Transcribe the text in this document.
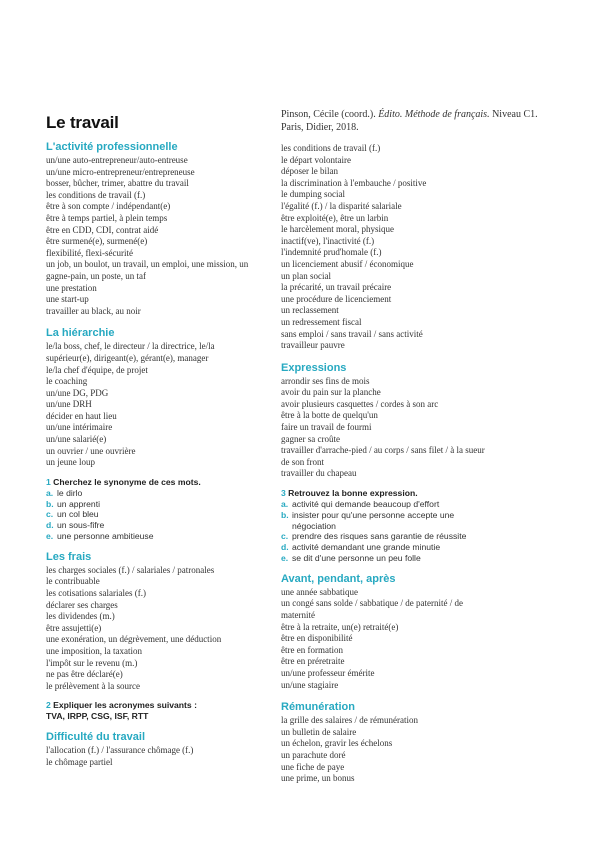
Le travail	Pinson, Cécile (coord.). Édito. Méthode de français. Niveau C1.
Paris, Didier, 2018.
L'activité professionnelle
un/une auto-entrepreneur/auto-entreuse
un/une micro-entrepreneur/entrepreneuse
bosser, bûcher, trimer, abattre du travail
les conditions de travail (f.)
être à son compte / indépendant(e)
être à temps partiel, à plein temps
être en CDD, CDI, contrat aidé
être surmené(e), surmené(e)
flexibilité, flexi-sécurité
un job, un boulot, un travail, un emploi, une mission, un
gagne-pain, un poste, un taf
une prestation
une start-up
travailler au black, au noir
La hiérarchie
le/la boss, chef, le directeur / la directrice, le/la
supérieur(e), dirigeant(e), gérant(e), manager
le/la chef d'équipe, de projet
le coaching
un/une DG, PDG
un/une DRH
décider en haut lieu
un/une intérimaire
un/une salarié(e)
un ouvrier / une ouvrière
un jeune loup
1 Cherchez le synonyme de ces mots.
a. le dirlo
b. un apprenti
c. un col bleu
d. un sous-fifre
e. une personne ambitieuse
Les frais
les charges sociales (f.) / salariales / patronales
le contribuable
les cotisations salariales (f.)
déclarer ses charges
les dividendes (m.)
être assujetti(e)
une exonération, un dégrèvement, une déduction
une imposition, la taxation
l'impôt sur le revenu (m.)
ne pas être déclaré(e)
le prélèvement à la source
2 Expliquer les acronymes suivants :
TVA, IRPP, CSG, ISF, RTT
Difficulté du travail
l'allocation (f.) / l'assurance chômage (f.)
le chômage partiel
les conditions de travail (f.)
le départ volontaire
déposer le bilan
la discrimination à l'embauche / positive
le dumping social
l'égalité (f.) / la disparité salariale
être exploité(e), être un larbin
le harcèlement moral, physique
inactif(ve), l'inactivité (f.)
l'indemnité prud'homale (f.)
un licenciement abusif / économique
un plan social
la précarité, un travail précaire
une procédure de licenciement
un reclassement
un redressement fiscal
sans emploi / sans travail / sans activité
travailleur pauvre
Expressions
arrondir ses fins de mois
avoir du pain sur la planche
avoir plusieurs casquettes / cordes à son arc
être à la botte de quelqu'un
faire un travail de fourmi
gagner sa croûte
travailler d'arrache-pied / au corps / sans filet / à la sueur
de son front
travailler du chapeau
3 Retrouvez la bonne expression.
a. activité qui demande beaucoup d'effort
b. insister pour qu'une personne accepte une
négociation
c. prendre des risques sans garantie de réussite
d. activité demandant une grande minutie
e. se dit d'une personne un peu folle
Avant, pendant, après
une année sabbatique
un congé sans solde / sabbatique / de paternité / de
maternité
être à la retraite, un(e) retraité(e)
être en disponibilité
être en formation
être en préretraite
un/une professeur émérite
un/une stagiaire
Rémunération
la grille des salaires / de rémunération
un bulletin de salaire
un échelon, gravir les échelons
un parachute doré
une fiche de paye
une prime, un bonus
